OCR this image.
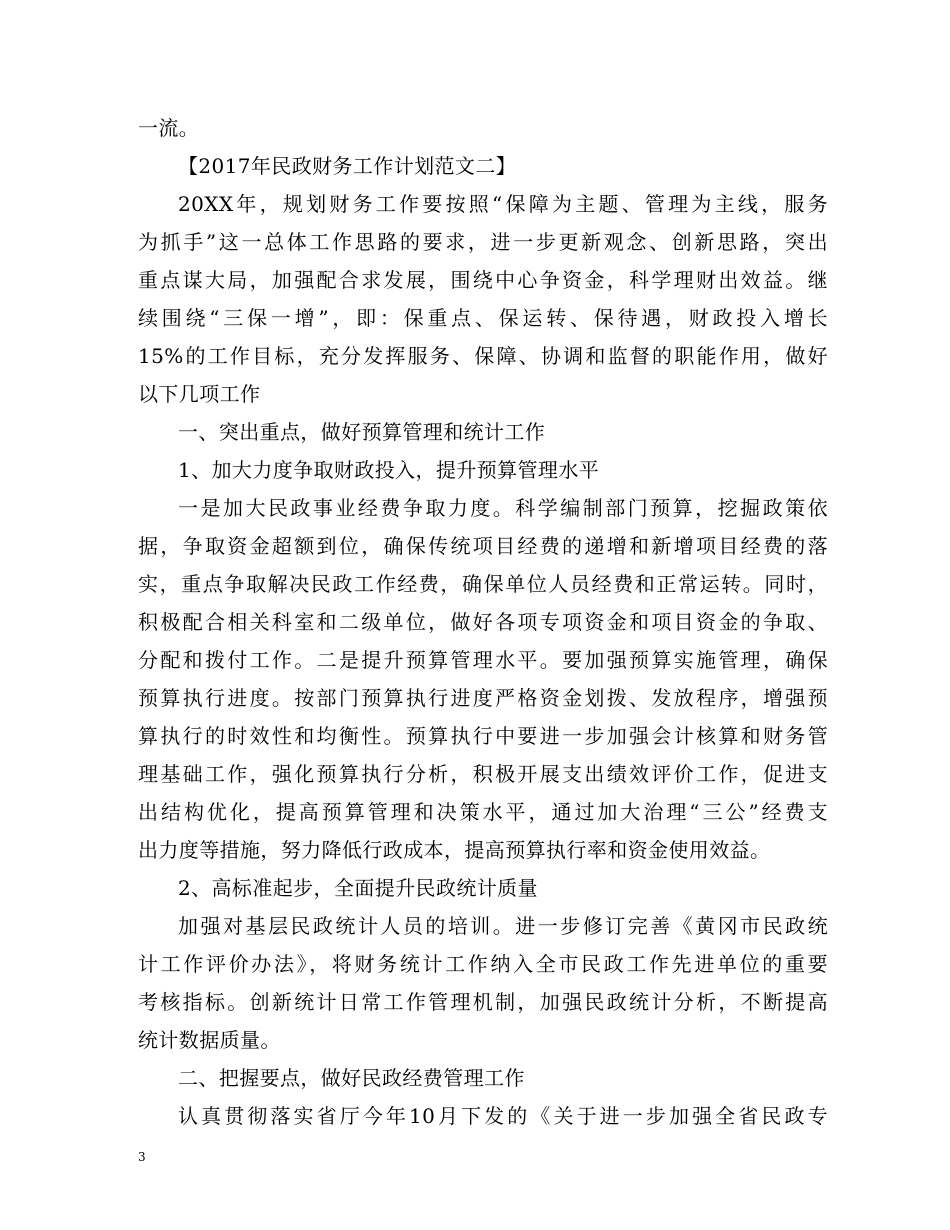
一流。
【2017年民政财务工作计划范文二】
20XX年，规划财务工作要按照“保障为主题、管理为主线，服务
为抓手”这一总体工作思路的要求，进一步更新观念、创新思路，突出
重点谋大局，加强配合求发展，围绕中心争资金，科学理财出效益。继
续围绕“三保一增”，即：保重点、保运转、保待遇，财政投入增长
15%的工作目标，充分发挥服务、保障、协调和监督的职能作用，做好
以下几项工作
一、突出重点，做好预算管理和统计工作
1、加大力度争取财政投入，提升预算管理水平
一是加大民政事业经费争取力度。科学编制部门预算，挖掘政策依
据，争取资金超额到位，确保传统项目经费的递增和新增项目经费的落
实，重点争取解决民政工作经费，确保单位人员经费和正常运转。同时，
积极配合相关科室和二级单位，做好各项专项资金和项目资金的争取、
分配和拨付工作。二是提升预算管理水平。要加强预算实施管理，确保
预算执行进度。按部门预算执行进度严格资金划拨、发放程序，增强预
算执行的时效性和均衡性。预算执行中要进一步加强会计核算和财务管
理基础工作，强化预算执行分析，积极开展支出绩效评价工作，促进支
出结构优化，提高预算管理和决策水平，通过加大治理“三公”经费支
出力度等措施，努力降低行政成本，提高预算执行率和资金使用效益。
2、高标准起步，全面提升民政统计质量
加强对基层民政统计人员的培训。进一步修订完善《黄冈市民政统
计工作评价办法》，将财务统计工作纳入全市民政工作先进单位的重要
考核指标。创新统计日常工作管理机制，加强民政统计分析，不断提高
统计数据质量。
二、把握要点，做好民政经费管理工作
认真贯彻落实省厅今年10月下发的《关于进一步加强全省民政专
3
